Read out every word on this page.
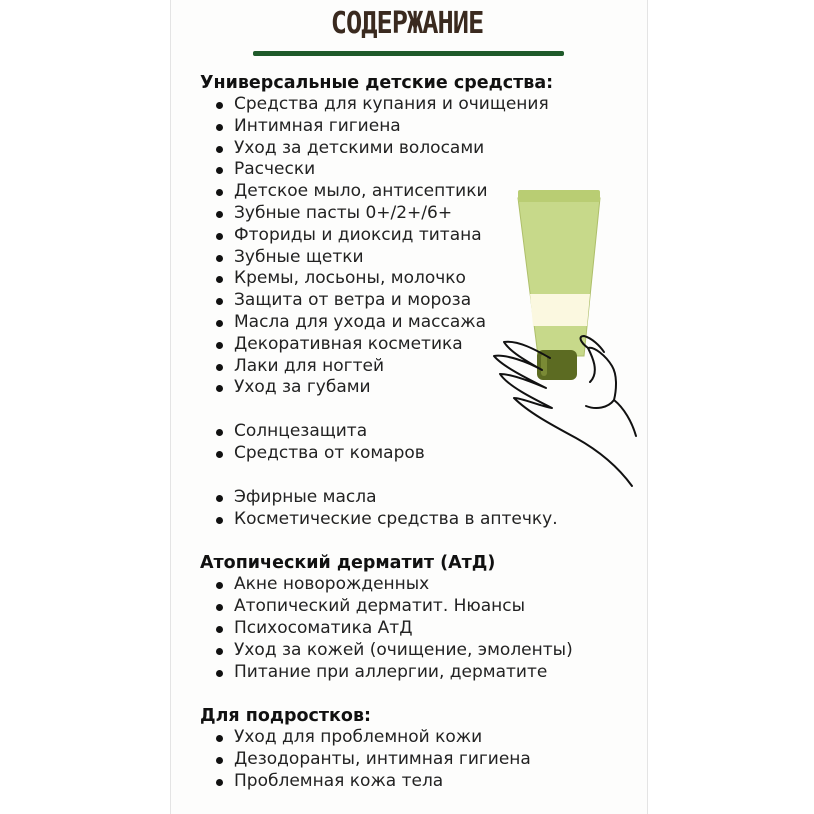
СОДЕРЖАНИЕ
Универсальные детские средства:
Средства для купания и очищения
Интимная гигиена
Уход за детскими волосами
Расчески
Детское мыло, антисептики
Зубные пасты 0+/2+/6+
Фториды и диоксид титана
Зубные щетки
Кремы, лосьоны, молочко
Защита от ветра и мороза
Масла для ухода и массажа
Декоративная косметика
Лаки для ногтей
Уход за губами
Солнцезащита
Средства от комаров
Эфирные масла
Косметические средства в аптечку.
Атопический дерматит (АтД)
Акне новорожденных
Атопический дерматит. Нюансы
Психосоматика АтД
Уход за кожей (очищение, эмоленты)
Питание при аллергии, дерматите
Для подростков:
Уход для проблемной кожи
Дезодоранты, интимная гигиена
Проблемная кожа тела
